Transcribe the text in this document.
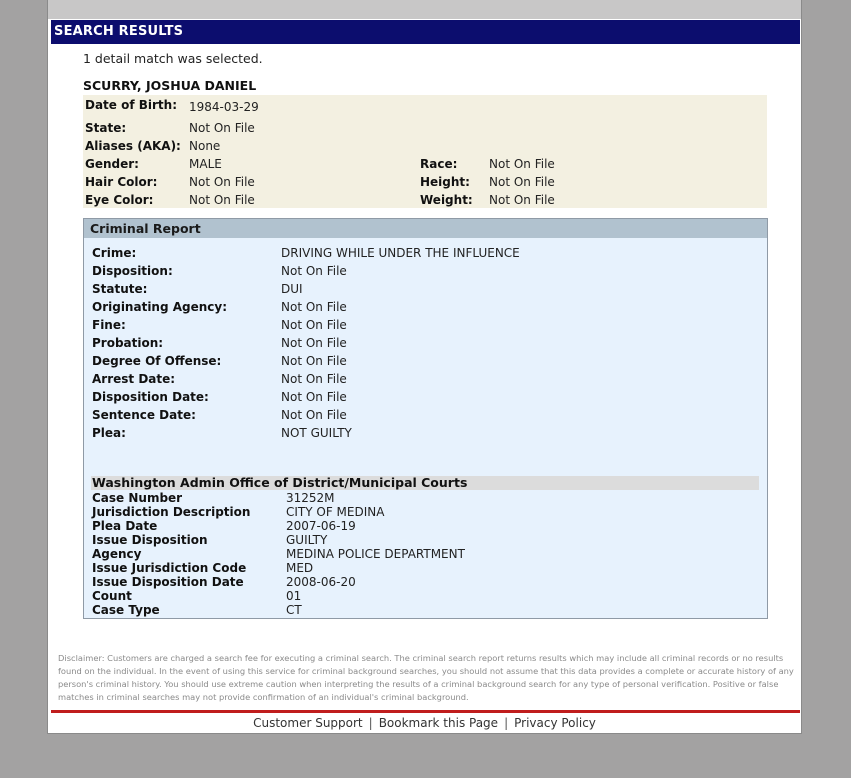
SEARCH RESULTS
1 detail match was selected.
SCURRY, JOSHUA DANIEL
Date of Birth: 1984-03-29
State:	Not On File
Aliases (AKA): None
Gender:	MALE	Race:	Not On File
Hair Color:	Not On File	Height: Not On File
Eye Color:	Not On File	Weight: Not On File
Criminal Report
Crime:	DRIVING WHILE UNDER THE INFLUENCE
Disposition:	Not On File
Statute:	DUI
Originating Agency:	Not On File
Fine:	Not On File
Probation:	Not On File
Degree Of Offense:	Not On File
Arrest Date:	Not On File
Disposition Date:	Not On File
Sentence Date:	Not On File
Plea:	NOT GUILTY
Washington Admin Office of District/Municipal Courts
Case Number	31252M
Jurisdiction Description	CITY OF MEDINA
Plea Date	2007-06-19
Issue Disposition	GUILTY
Agency	MEDINA POLICE DEPARTMENT
Issue Jurisdiction Code	MED
Issue Disposition Date	2008-06-20
Count	01
Case Type	CT
Disclaimer: Customers are charged a search fee for executing a criminal search. The criminal search report returns results which may include all criminal records or no results found on the individual. In the event of using this service for criminal background searches, you should not assume that this data provides a complete or accurate history of any person's criminal history. You should use extreme caution when interpreting the results of a criminal background search for any type of personal verification. Positive or false matches in criminal searches may not provide confirmation of an individual's criminal background.
Customer Support | Bookmark this Page | Privacy Policy
